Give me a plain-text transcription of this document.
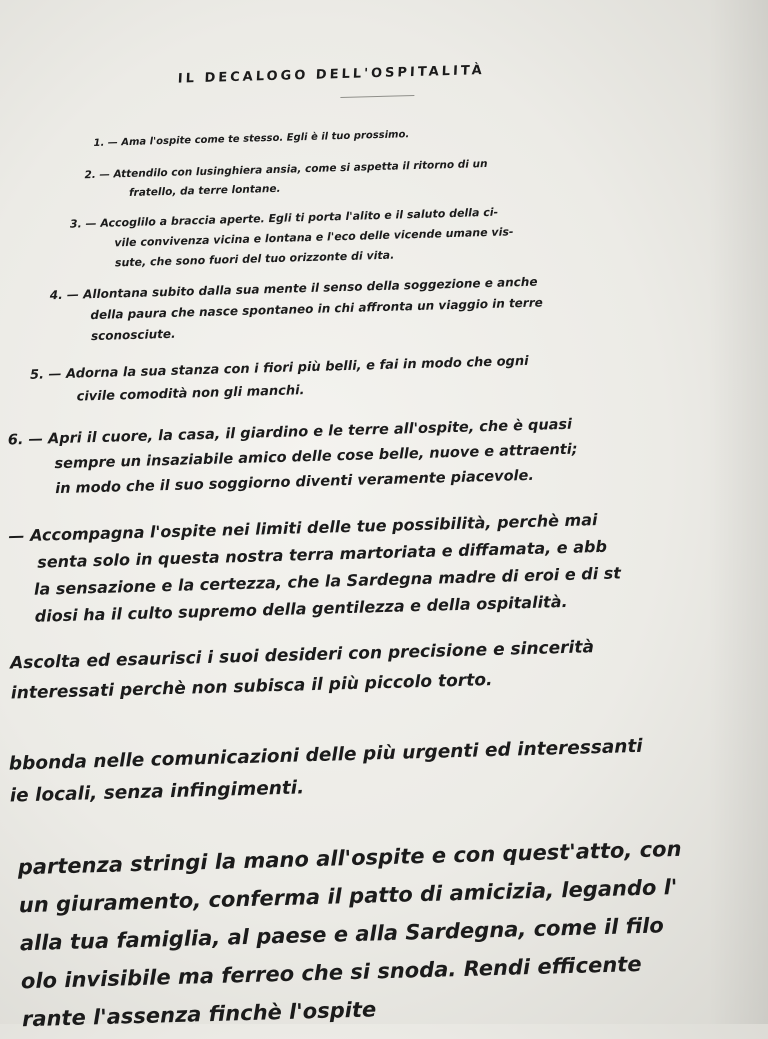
IL DECALOGO DELL'OSPITALITÀ
1. — Ama l'ospite come te stesso. Egli è il tuo prossimo.
2. — Attendilo con lusinghiera ansia, come si aspetta il ritorno di un
fratello, da terre lontane.
3. — Accoglilo a braccia aperte. Egli ti porta l'alito e il saluto della ci-
vile convivenza vicina e lontana e l'eco delle vicende umane vis-
sute, che sono fuori del tuo orizzonte di vita.
4. — Allontana subito dalla sua mente il senso della soggezione e anche
della paura che nasce spontaneo in chi affronta un viaggio in terre
sconosciute.
5. — Adorna la sua stanza con i fiori più belli, e fai in modo che ogni
civile comodità non gli manchi.
6. — Apri il cuore, la casa, il giardino e le terre all'ospite, che è quasi
sempre un insaziabile amico delle cose belle, nuove e attraenti;
in modo che il suo soggiorno diventi veramente piacevole.
— Accompagna l'ospite nei limiti delle tue possibilità, perchè mai
senta solo in questa nostra terra martoriata e diffamata, e abb
la sensazione e la certezza, che la Sardegna madre di eroi e di st
diosi ha il culto supremo della gentilezza e della ospitalità.
Ascolta ed esaurisci i suoi desideri con precisione e sincerità
interessati perchè non subisca il più piccolo torto.
bbonda nelle comunicazioni delle più urgenti ed interessanti
ie locali, senza infingimenti.
partenza stringi la mano all'ospite e con quest'atto, con
un giuramento, conferma il patto di amicizia, legando l'
alla tua famiglia, al paese e alla Sardegna, come il filo
olo invisibile ma ferreo che si snoda. Rendi efficente
rante l'assenza finchè l'ospite
